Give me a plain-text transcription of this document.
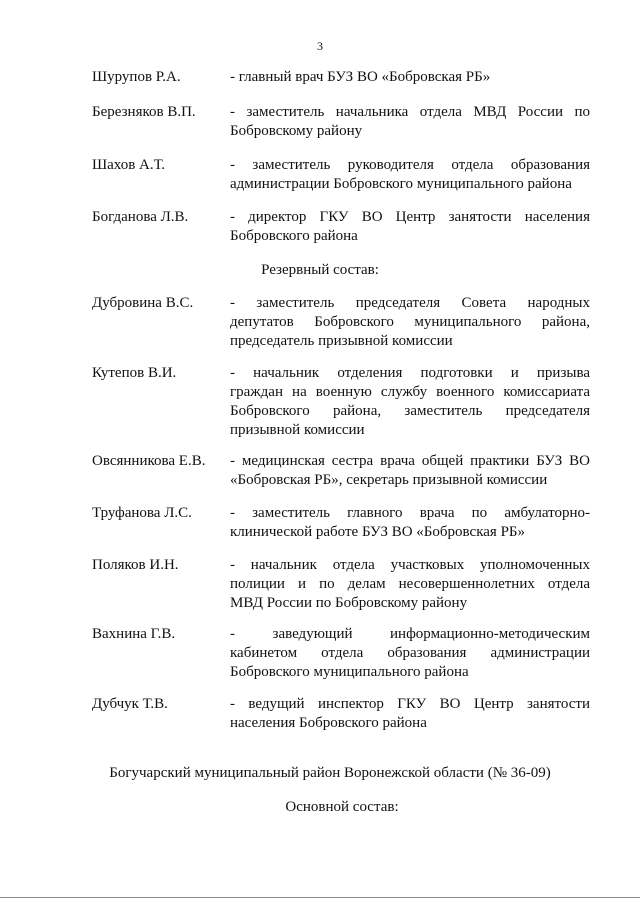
3
Шурупов Р.А.	- главный врач БУЗ ВО «Бобровская РБ»
Березняков В.П. - заместитель начальника отдела МВД России по
Бобровскому району
Шахов А.Т.	- заместитель руководителя отдела образования
администрации Бобровского муниципального района
Богданова Л.В.	- директор ГКУ ВО Центр занятости населения
Бобровского района
Дубровина В.С. - заместитель председателя Совета народных
депутатов Бобровского муниципального района,
председатель призывной комиссии
Кутепов В.И.	- начальник отделения подготовки и призыва
граждан на военную службу военного комиссариата
Бобровского района, заместитель председателя
призывной комиссии
Овсянникова Е.В. - медицинская сестра врача общей практики БУЗ ВО
«Бобровская РБ», секретарь призывной комиссии
Труфанова Л.С.	- заместитель главного врача по амбулаторно-
клинической работе БУЗ ВО «Бобровская РБ»
Поляков И.Н.	- начальник отдела участковых уполномоченных
полиции и по делам несовершеннолетних отдела
МВД России по Бобровскому району
Вахнина Г.В.	- заведующий информационно-методическим
кабинетом отдела образования администрации
Бобровского муниципального района
Дубчук Т.В.	- ведущий инспектор ГКУ ВО Центр занятости
населения Бобровского района
Резервный состав:
Богучарский муниципальный район Воронежской области (№ 36-09)
Основной состав:
